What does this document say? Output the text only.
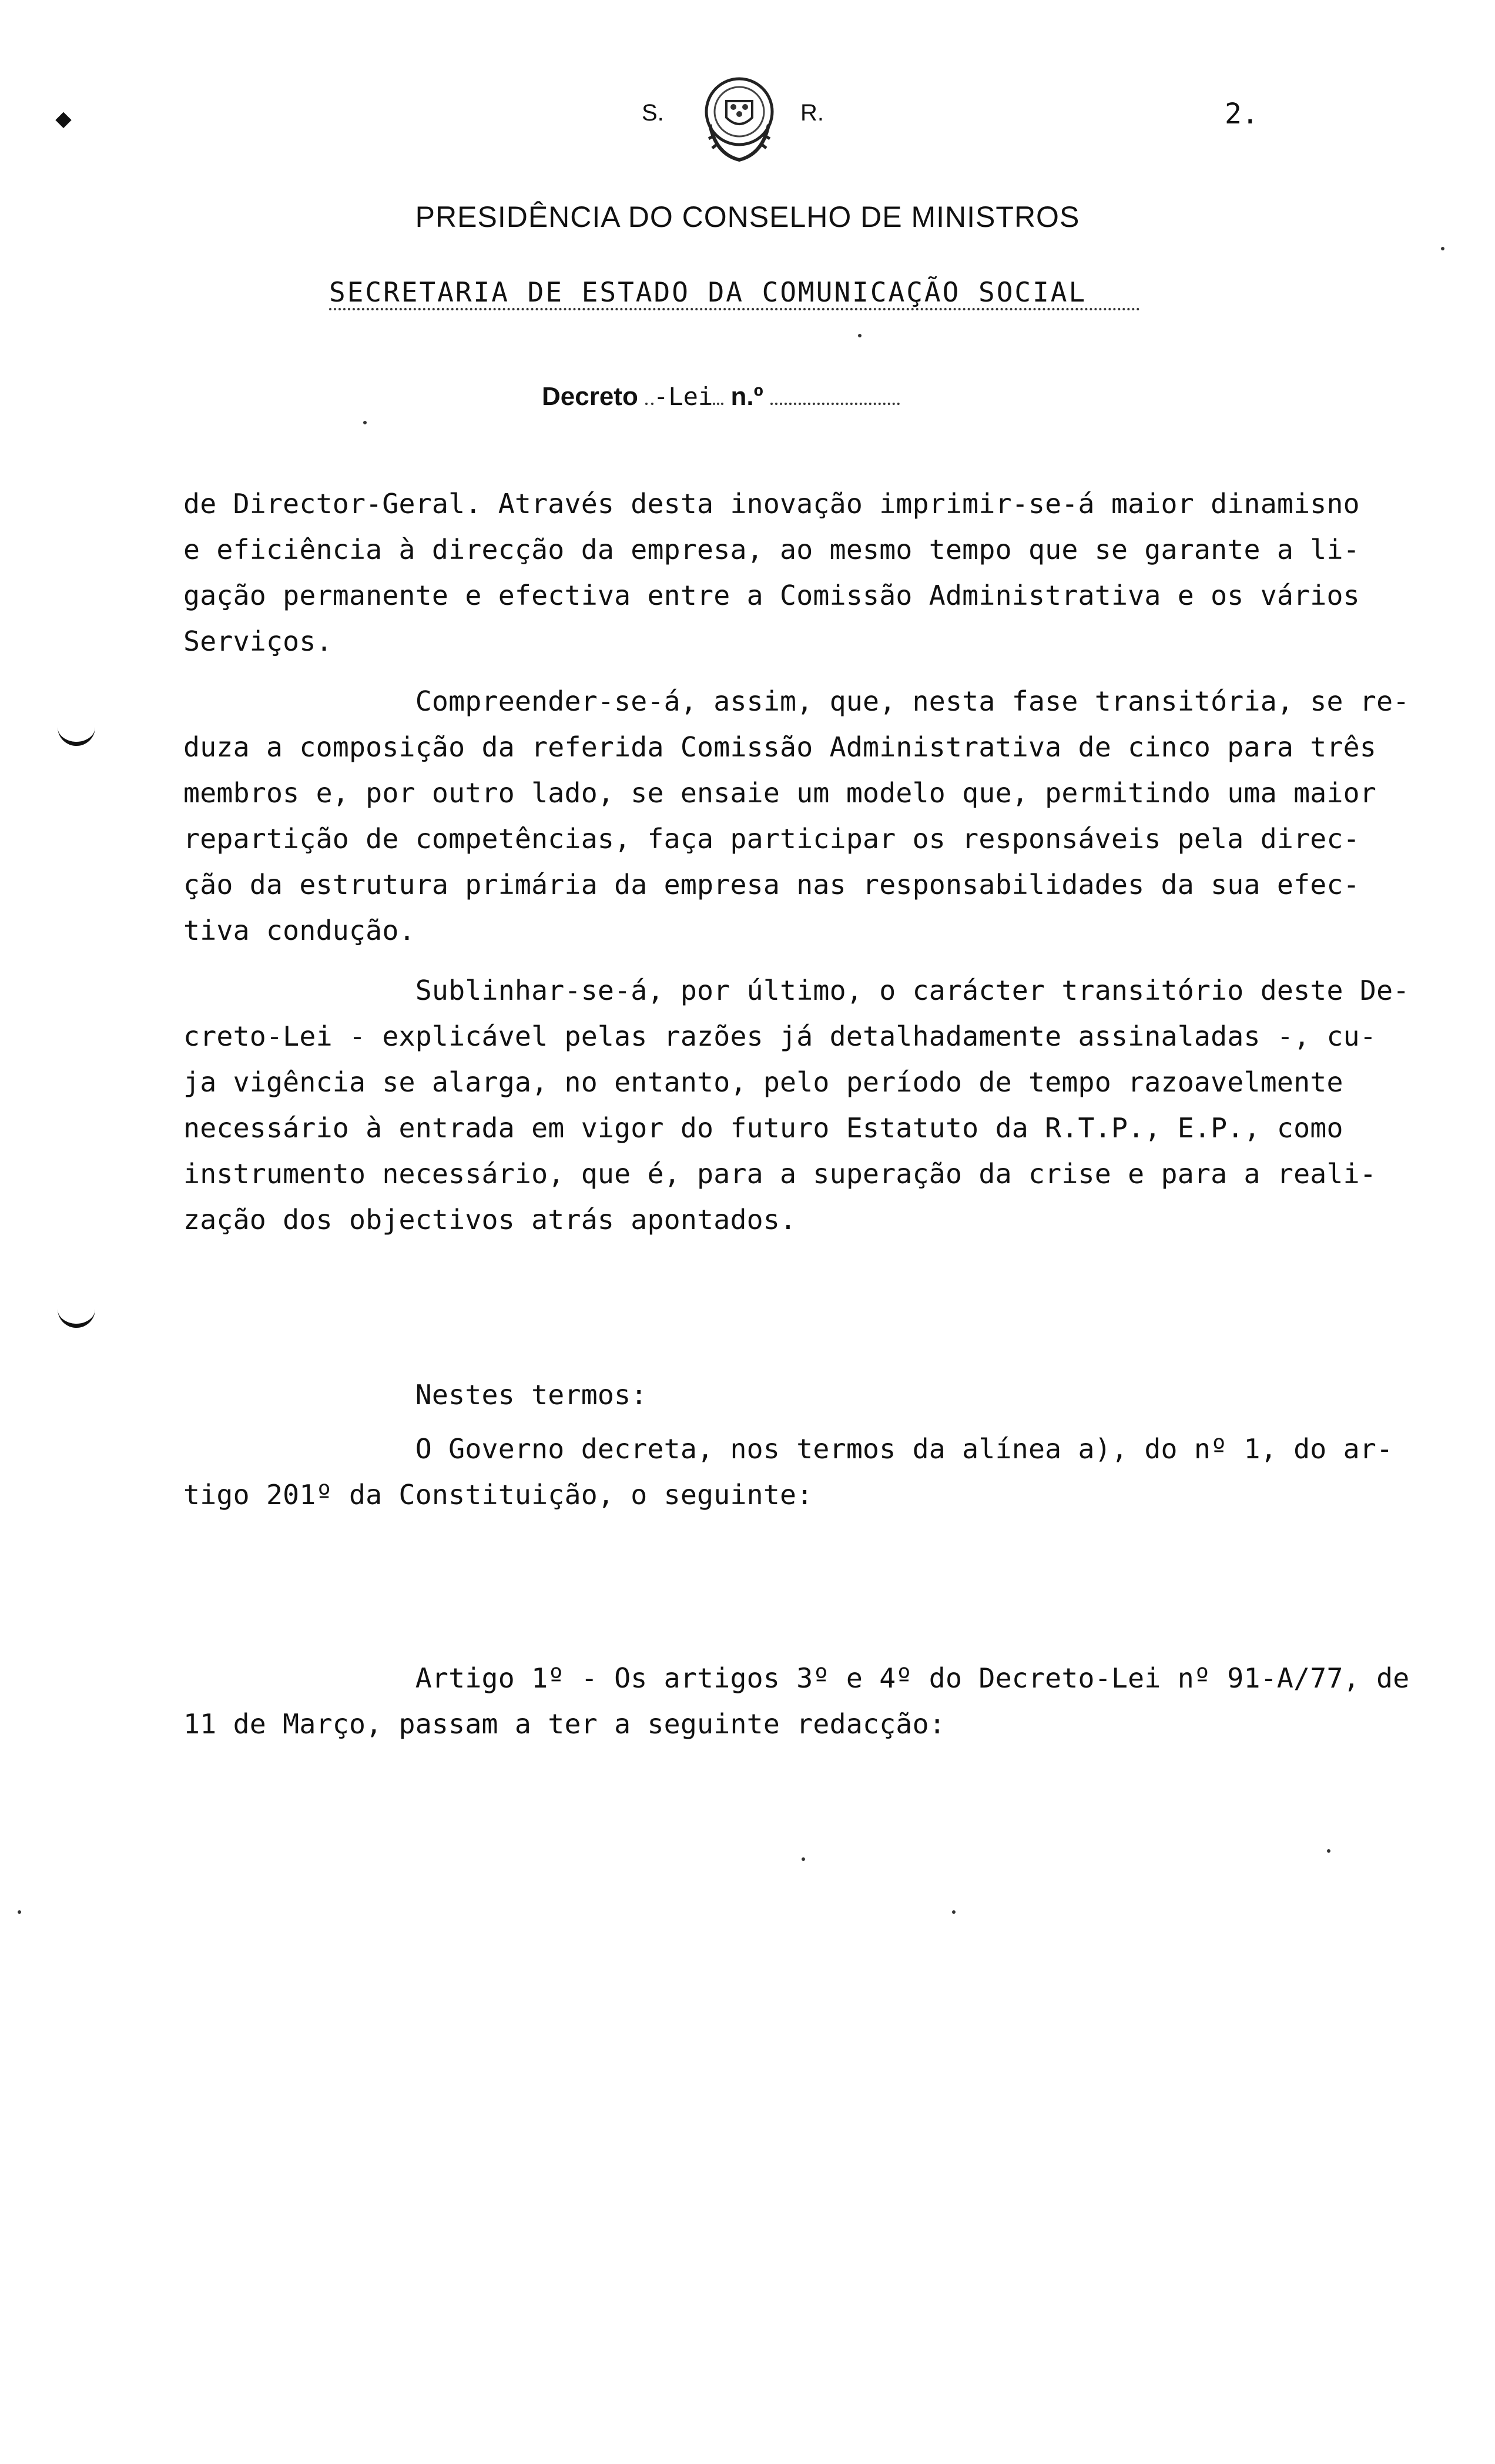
⬥	S.	R.	2.
PRESIDÊNCIA DO CONSELHO DE MINISTROS
SECRETARIA DE ESTADO DA COMUNICAÇÃO SOCIAL
Decreto -Lei n.º
de Director-Geral. Através desta inovação imprimir-se-á maior dinamisno
e eficiência à direcção da empresa, ao mesmo tempo que se garante a li-
gação permanente e efectiva entre a Comissão Administrativa e os vários
Serviços.
Compreender-se-á, assim, que, nesta fase transitória, se re-
duza a composição da referida Comissão Administrativa de cinco para três
membros e, por outro lado, se ensaie um modelo que, permitindo uma maior
repartição de competências, faça participar os responsáveis pela direc-
ção da estrutura primária da empresa nas responsabilidades da sua efec-
tiva condução.
Sublinhar-se-á, por último, o carácter transitório deste De-
creto-Lei - explicável pelas razões já detalhadamente assinaladas -, cu-
ja vigência se alarga, no entanto, pelo período de tempo razoavelmente
necessário à entrada em vigor do futuro Estatuto da R.T.P., E.P., como
instrumento necessário, que é, para a superação da crise e para a reali-
zação dos objectivos atrás apontados.
Nestes termos:
O Governo decreta, nos termos da alínea a), do nº 1, do ar-
tigo 201º da Constituição, o seguinte:
Artigo 1º - Os artigos 3º e 4º do Decreto-Lei nº 91-A/77, de
11 de Março, passam a ter a seguinte redacção:
